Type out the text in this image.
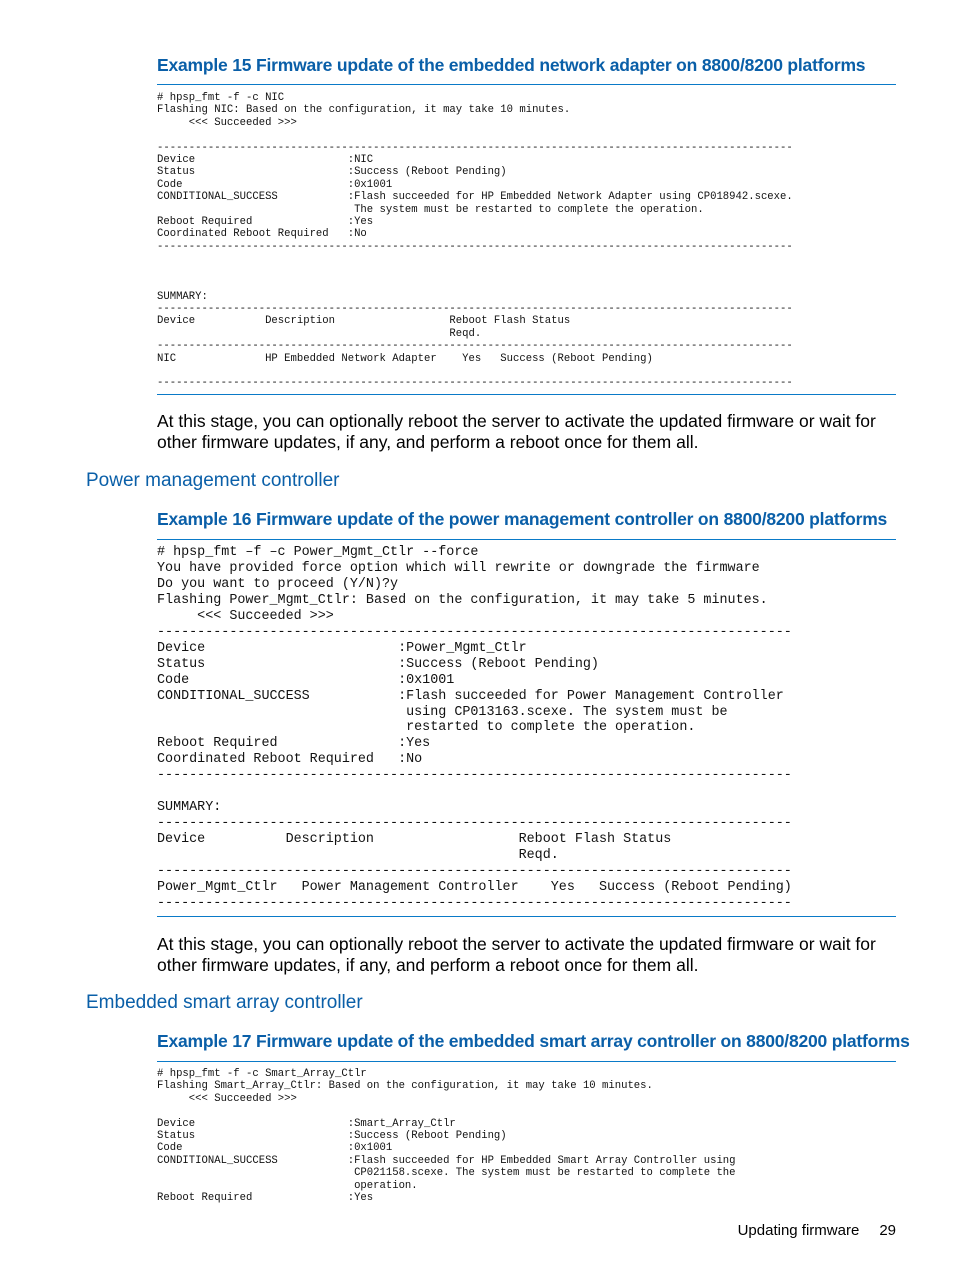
Example 15 Firmware update of the embedded network adapter on 8800/8200 platforms
# hpsp_fmt -f -c NIC
Flashing NIC: Based on the configuration, it may take 10 minutes.
<<< Succeeded >>>

----------------------------------------------------------------------------------------------------
Device                        :NIC
Status                        :Success (Reboot Pending)
Code                          :0x1001
CONDITIONAL_SUCCESS           :Flash succeeded for HP Embedded Network Adapter using CP018942.scexe.
The system must be restarted to complete the operation.
Reboot Required               :Yes
Coordinated Reboot Required   :No
----------------------------------------------------------------------------------------------------

SUMMARY:
----------------------------------------------------------------------------------------------------
Device           Description                  Reboot Flash Status
Reqd.
----------------------------------------------------------------------------------------------------
NIC              HP Embedded Network Adapter    Yes   Success (Reboot Pending)

----------------------------------------------------------------------------------------------------

At this stage, you can optionally reboot the server to activate the updated firmware or wait for other firmware updates, if any, and perform a reboot once for them all.

Power management controller
Example 16 Firmware update of the power management controller on 8800/8200 platforms
# hpsp_fmt –f –c Power_Mgmt_Ctlr --force
You have provided force option which will rewrite or downgrade the firmware
Do you want to proceed (Y/N)?y
Flashing Power_Mgmt_Ctlr: Based on the configuration, it may take 5 minutes.
<<< Succeeded >>>
-------------------------------------------------------------------------------
Device                        :Power_Mgmt_Ctlr
Status                        :Success (Reboot Pending)
Code                          :0x1001
CONDITIONAL_SUCCESS           :Flash succeeded for Power Management Controller
using CP013163.scexe. The system must be
restarted to complete the operation.
Reboot Required               :Yes
Coordinated Reboot Required   :No
-------------------------------------------------------------------------------

SUMMARY:
-------------------------------------------------------------------------------
Device          Description                  Reboot Flash Status
Reqd.
-------------------------------------------------------------------------------
Power_Mgmt_Ctlr   Power Management Controller    Yes   Success (Reboot Pending)
-------------------------------------------------------------------------------

At this stage, you can optionally reboot the server to activate the updated firmware or wait for other firmware updates, if any, and perform a reboot once for them all.

Embedded smart array controller
Example 17 Firmware update of the embedded smart array controller on 8800/8200 platforms
# hpsp_fmt -f -c Smart_Array_Ctlr
Flashing Smart_Array_Ctlr: Based on the configuration, it may take 10 minutes.
<<< Succeeded >>>

Device                        :Smart_Array_Ctlr
Status                        :Success (Reboot Pending)
Code                          :0x1001
CONDITIONAL_SUCCESS           :Flash succeeded for HP Embedded Smart Array Controller using
CP021158.scexe. The system must be restarted to complete the
operation.
Reboot Required               :Yes
Updating firmware 29
